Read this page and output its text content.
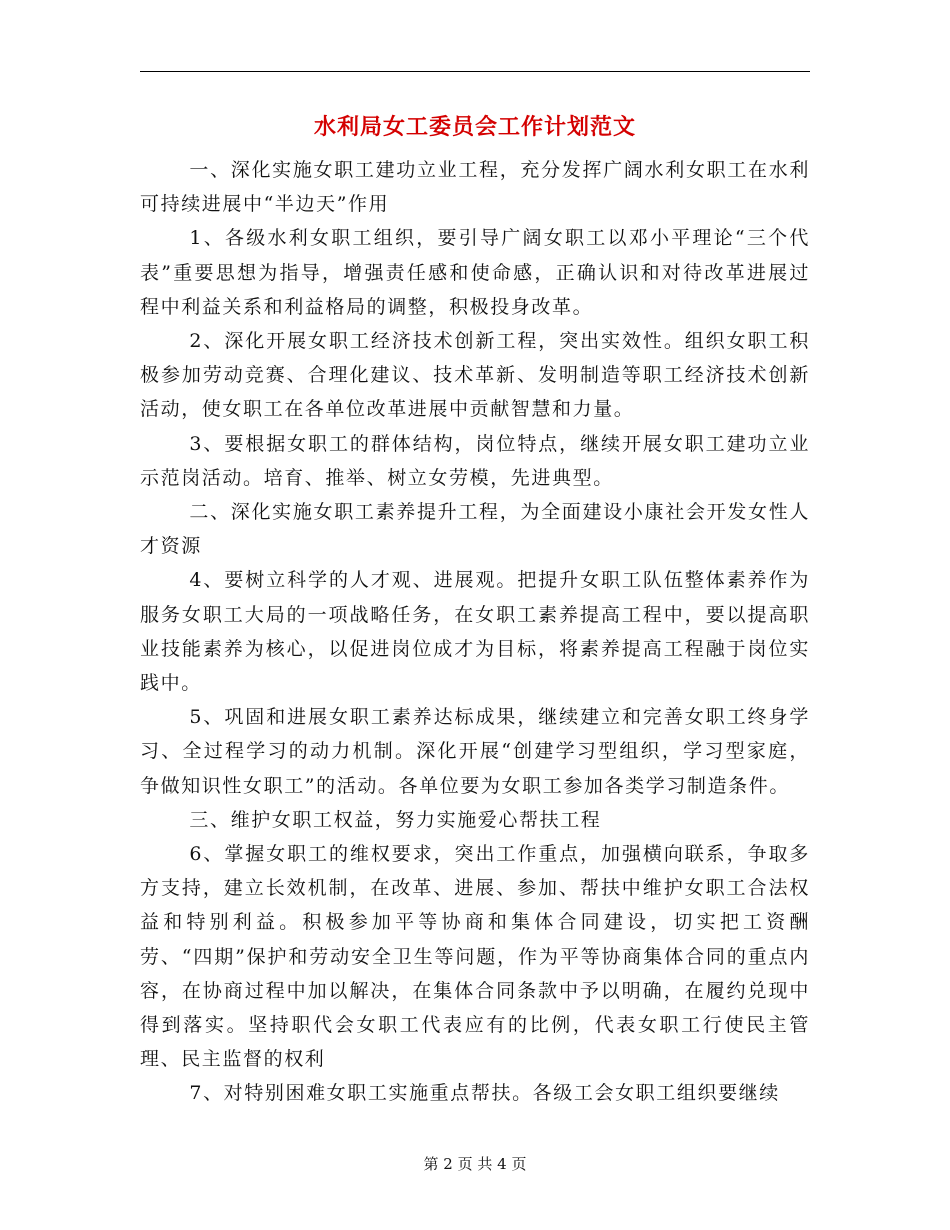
水利局女工委员会工作计划范文

一、深化实施女职工建功立业工程，充分发挥广阔水利女职工在水利可持续进展中“半边天”作用

1、各级水利女职工组织，要引导广阔女职工以邓小平理论“三个代表”重要思想为指导，增强责任感和使命感，正确认识和对待改革进展过程中利益关系和利益格局的调整，积极投身改革。

2、深化开展女职工经济技术创新工程，突出实效性。组织女职工积极参加劳动竞赛、合理化建议、技术革新、发明制造等职工经济技术创新活动，使女职工在各单位改革进展中贡献智慧和力量。

3、要根据女职工的群体结构，岗位特点，继续开展女职工建功立业示范岗活动。培育、推举、树立女劳模，先进典型。

二、深化实施女职工素养提升工程，为全面建设小康社会开发女性人才资源

4、要树立科学的人才观、进展观。把提升女职工队伍整体素养作为服务女职工大局的一项战略任务，在女职工素养提高工程中，要以提高职业技能素养为核心，以促进岗位成才为目标，将素养提高工程融于岗位实践中。

5、巩固和进展女职工素养达标成果，继续建立和完善女职工终身学习、全过程学习的动力机制。深化开展“创建学习型组织，学习型家庭，争做知识性女职工”的活动。各单位要为女职工参加各类学习制造条件。

三、维护女职工权益，努力实施爱心帮扶工程

6、掌握女职工的维权要求，突出工作重点，加强横向联系，争取多方支持，建立长效机制，在改革、进展、参加、帮扶中维护女职工合法权益和特别利益。积极参加平等协商和集体合同建设，切实把工资酬劳、“四期”保护和劳动安全卫生等问题，作为平等协商集体合同的重点内容，在协商过程中加以解决，在集体合同条款中予以明确，在履约兑现中得到落实。坚持职代会女职工代表应有的比例，代表女职工行使民主管理、民主监督的权利

7、对特别困难女职工实施重点帮扶。各级工会女职工组织要继续

第 2 页 共 4 页
